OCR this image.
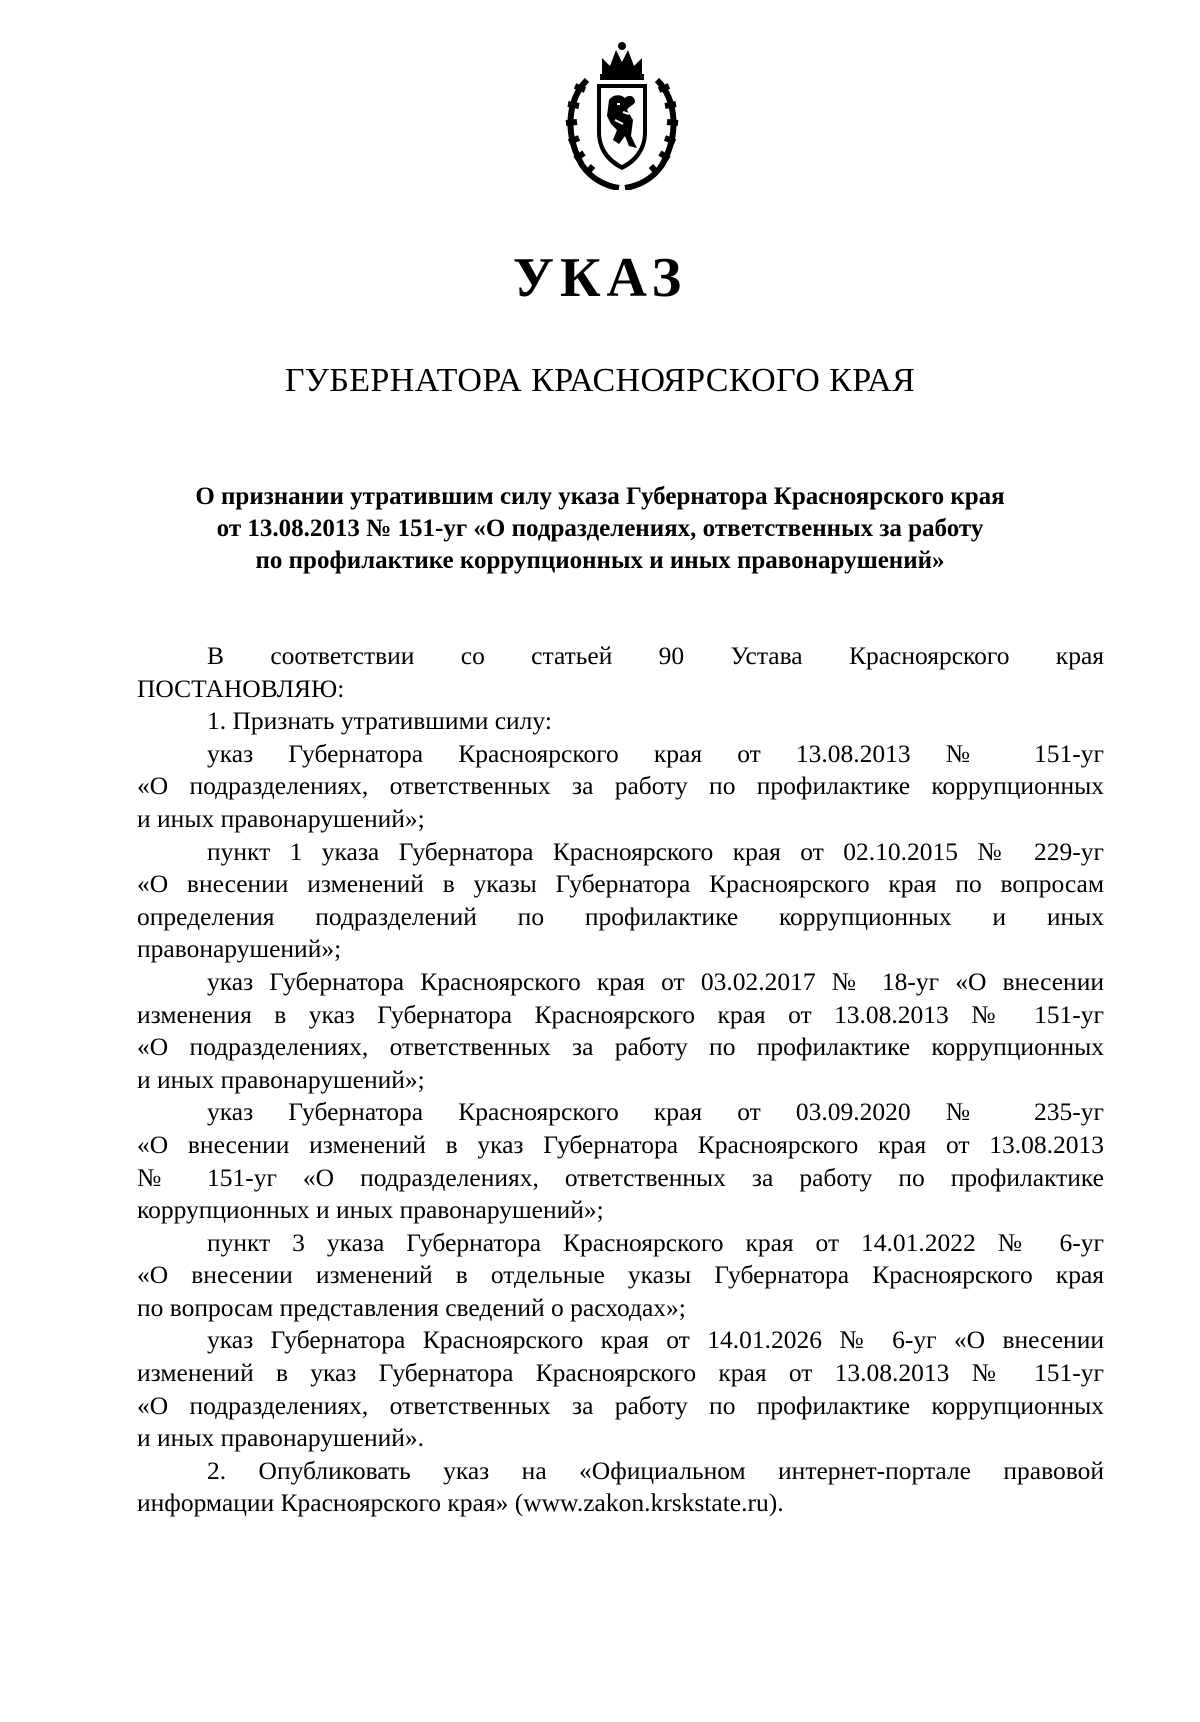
УКАЗ
ГУБЕРНАТОРА КРАСНОЯРСКОГО КРАЯ
О признании утратившим силу указа Губернатора Красноярского края
от 13.08.2013 № 151-уг «О подразделениях, ответственных за работу
по профилактике коррупционных и иных правонарушений»
В соответствии со статьей 90 Устава Красноярского края
ПОСТАНОВЛЯЮ:
1. Признать утратившими силу:
указ Губернатора Красноярского края от 13.08.2013 № 151-уг
«О подразделениях, ответственных за работу по профилактике коррупционных
и иных правонарушений»;
пункт 1 указа Губернатора Красноярского края от 02.10.2015 № 229-уг
«О внесении изменений в указы Губернатора Красноярского края по вопросам
определения подразделений по профилактике коррупционных и иных
правонарушений»;
указ Губернатора Красноярского края от 03.02.2017 № 18-уг «О внесении
изменения в указ Губернатора Красноярского края от 13.08.2013 № 151-уг
«О подразделениях, ответственных за работу по профилактике коррупционных
и иных правонарушений»;
указ Губернатора Красноярского края от 03.09.2020 № 235-уг
«О внесении изменений в указ Губернатора Красноярского края от 13.08.2013
№ 151-уг «О подразделениях, ответственных за работу по профилактике
коррупционных и иных правонарушений»;
пункт 3 указа Губернатора Красноярского края от 14.01.2022 № 6-уг
«О внесении изменений в отдельные указы Губернатора Красноярского края
по вопросам представления сведений о расходах»;
указ Губернатора Красноярского края от 14.01.2026 № 6-уг «О внесении
изменений в указ Губернатора Красноярского края от 13.08.2013 № 151-уг
«О подразделениях, ответственных за работу по профилактике коррупционных
и иных правонарушений».
2. Опубликовать указ на «Официальном интернет-портале правовой
информации Красноярского края» (www.zakon.krskstate.ru).
